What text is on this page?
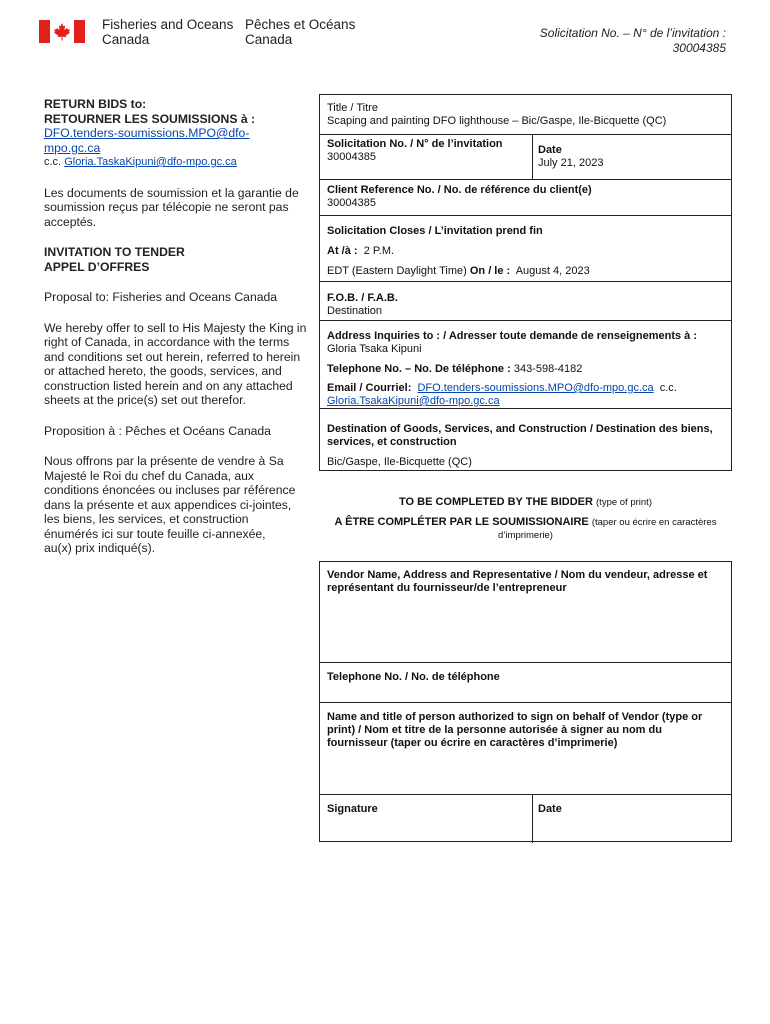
Fisheries and Oceans
Canada
Pêches et Océans
Canada	Solicitation No. – N° de l’invitation :
30004385

RETURN BIDS to:

RETOURNER LES SOUMISSIONS à :

DFO.tenders-soumissions.MPO@dfo-
mpo.gc.ca

c.c. Gloria.TaskaKipuni@dfo-mpo.gc.ca

Les documents de soumission et la garantie de soumission reçus par télécopie ne seront pas acceptés.

INVITATION TO TENDER

APPEL D’OFFRES

Proposal to: Fisheries and Oceans Canada

We hereby offer to sell to His Majesty the King in right of Canada, in accordance with the terms and conditions set out herein, referred to herein or attached hereto, the goods, services, and construction listed herein and on any attached sheets at the price(s) set out therefor.

Proposition à : Pêches et Océans Canada

Nous offrons par la présente de vendre à Sa Majesté le Roi du chef du Canada, aux conditions énoncées ou incluses par référence dans la présente et aux appendices ci-jointes, les biens, les services, et construction énumérés ici sur toute feuille ci-annexée, au(x) prix indiqué(s).

Title / Titre
Scaping and painting DFO lighthouse – Bic/Gaspe, Ile-Bicquette (QC)
Solicitation No. / N° de l’invitation
30004385
Date
July 21, 2023
Client Reference No. / No. de référence du client(e)
30004385
Solicitation Closes / L’invitation prend fin
At /à : 2 P.M.
EDT (Eastern Daylight Time) On / le : August 4, 2023
F.O.B. / F.A.B.
Destination
Address Inquiries to : / Adresser toute demande de renseignements à :
Gloria Tsaka Kipuni
Telephone No. – No. De téléphone : 343-598-4182
Email / Courriel: DFO.tenders-soumissions.MPO@dfo-mpo.gc.ca c.c.
Gloria.TsakaKipuni@dfo-mpo.gc.ca
Destination of Goods, Services, and Construction / Destination des biens, services, et construction
Bic/Gaspe, Ile-Bicquette (QC)
TO BE COMPLETED BY THE BIDDER (type of print)
A ÊTRE COMPLÉTER PAR LE SOUMISSIONAIRE (taper ou écrire en caractères d’imprimerie)
Vendor Name, Address and Representative / Nom du vendeur, adresse et représentant du fournisseur/de l’entrepreneur
Telephone No. / No. de téléphone
Name and title of person authorized to sign on behalf of Vendor (type or print) / Nom et titre de la personne autorisée à signer au nom du fournisseur (taper ou écrire en caractères d’imprimerie)
Signature	Date
